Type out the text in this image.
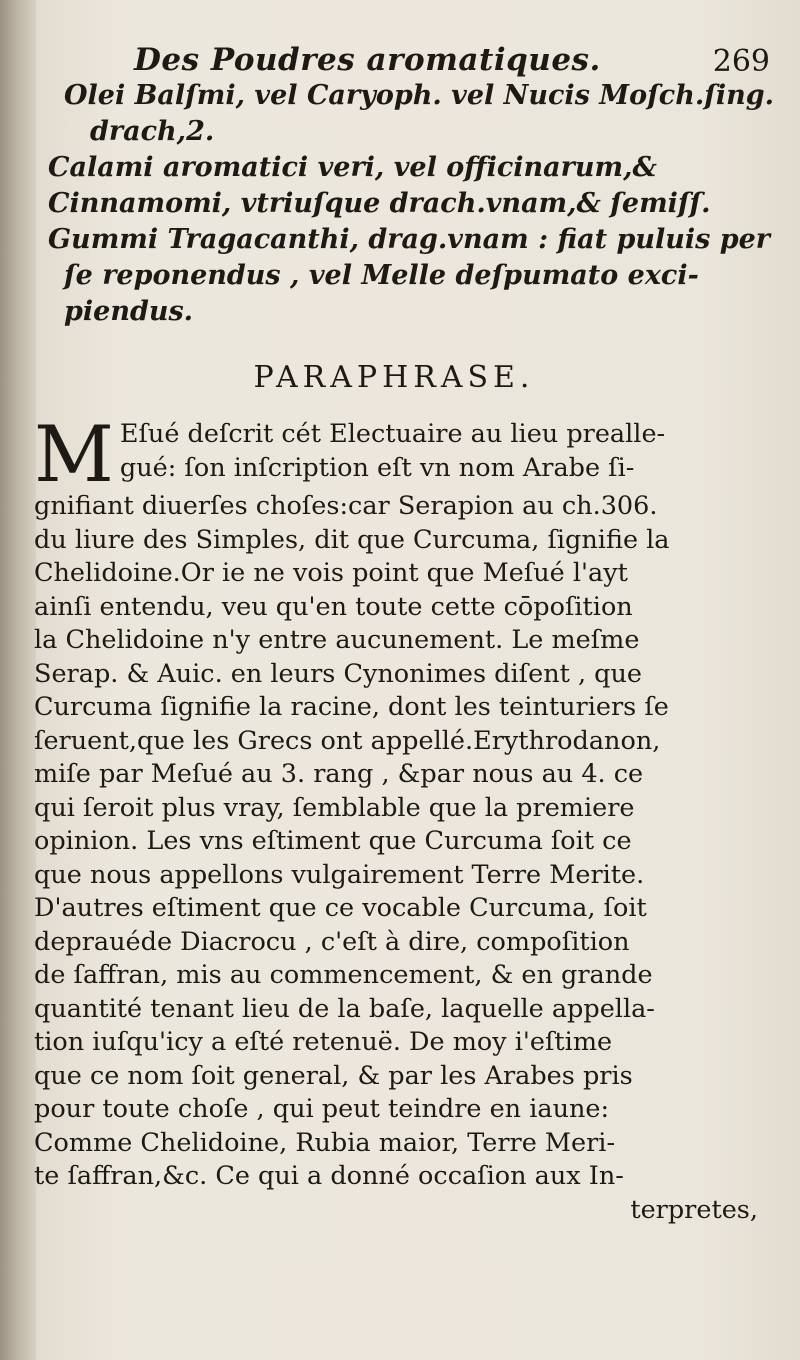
Des Poudres aromatiques.	269
Olei Balſmi, vel Caryoph. vel Nucis Moſch.ſing.
drach,2.
Calami aromatici veri, vel officinarum,&
Cinnamomi, vtriuſque drach.vnam,& ſemiſſ.
Gummi Tragacanthi, drag.vnam : fiat puluis per
ſe reponendus , vel Melle deſpumato exci-
piendus.
PARAPHRASE.
M Eſué deſcrit cét Electuaire au lieu prealle-
gué: ſon inſcription eſt vn nom Arabe ſi-
gnifiant diuerſes choſes:car Serapion au ch.306.
du liure des Simples, dit que Curcuma, ſignifie la
Chelidoine.Or ie ne vois point que Meſué l'ayt
ainſi entendu, veu qu'en toute cette cōpoſition
la Chelidoine n'y entre aucunement. Le meſme
Serap. & Auic. en leurs Cynonimes diſent , que
Curcuma ſignifie la racine, dont les teinturiers ſe
ſeruent,que les Grecs ont appellé.Erythrodanon,
miſe par Meſué au 3. rang , &par nous au 4. ce
qui ſeroit plus vray, ſemblable que la premiere
opinion. Les vns eſtiment que Curcuma ſoit ce
que nous appellons vulgairement Terre Merite.
D'autres eſtiment que ce vocable Curcuma, ſoit
deprauéde Diacrocu , c'eſt à dire, compoſition
de ſaffran, mis au commencement, & en grande
quantité tenant lieu de la baſe, laquelle appella-
tion iuſqu'icy a eſté retenuë. De moy i'eſtime
que ce nom ſoit general, & par les Arabes pris
pour toute choſe , qui peut teindre en iaune:
Comme Chelidoine, Rubia maior, Terre Meri-
te ſaffran,&c. Ce qui a donné occaſion aux In-
terpretes,
